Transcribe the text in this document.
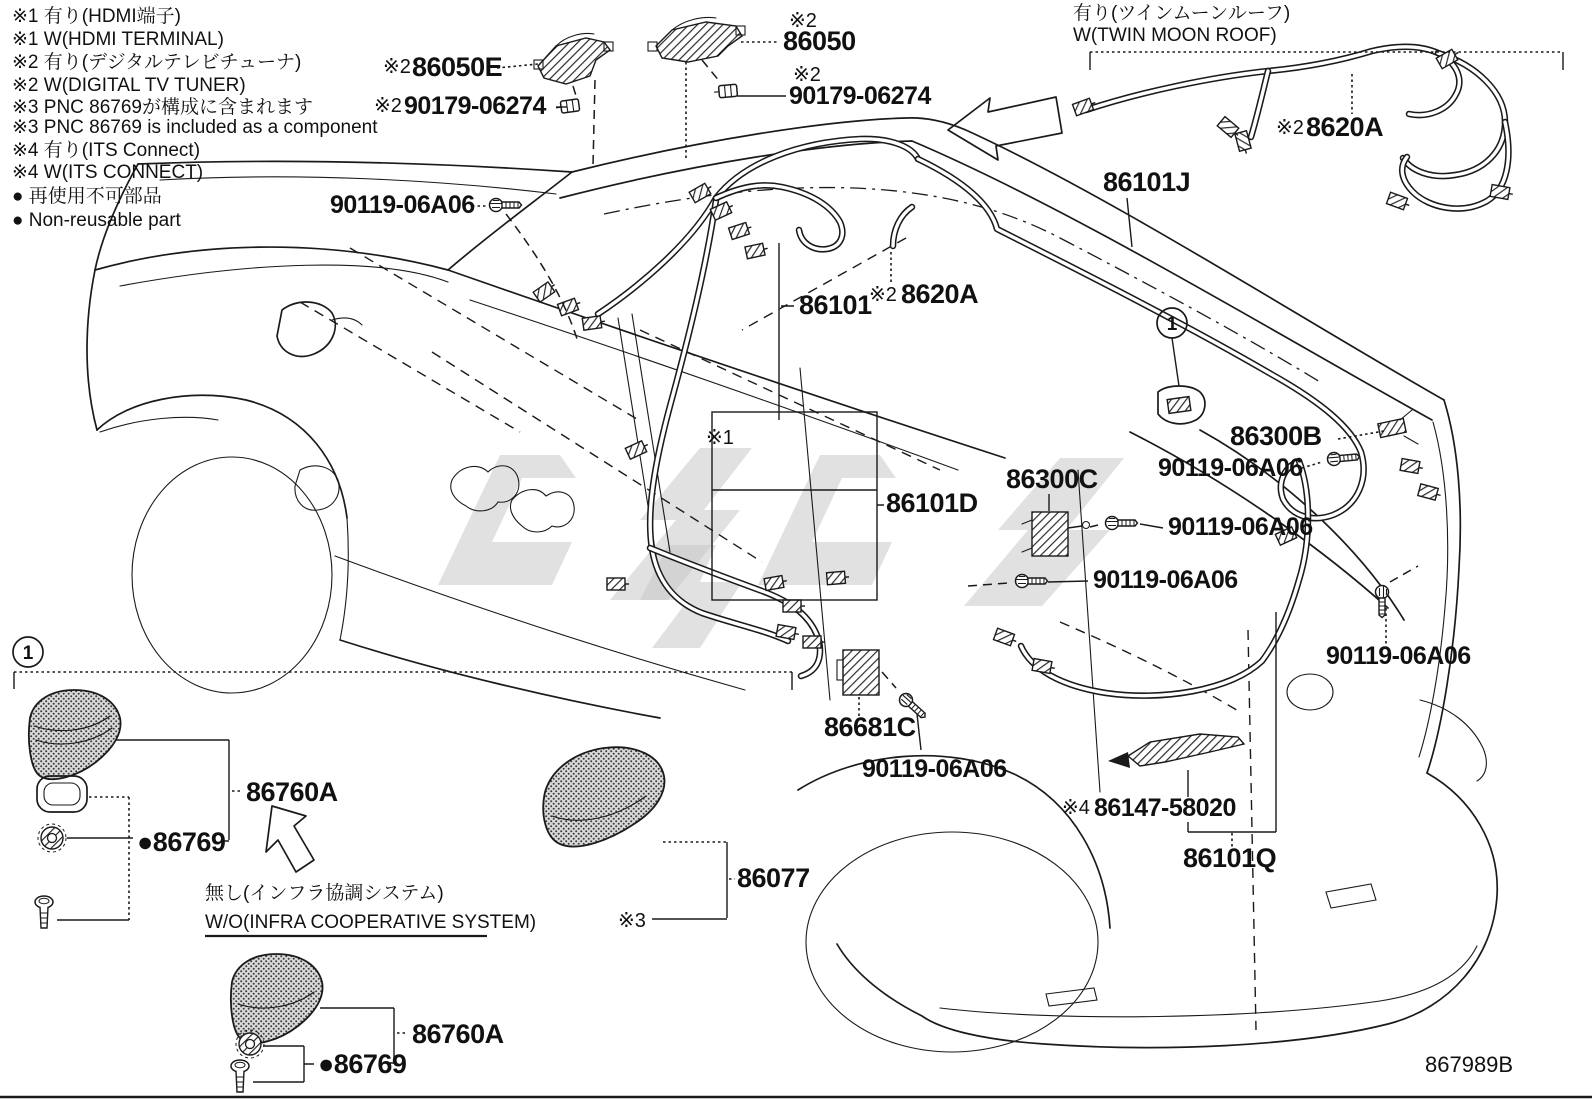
※1 有り(HDMI端子)
※1 W(HDMI TERMINAL)
※2 有り(デジタルテレビチューナ)
※2 W(DIGITAL TV TUNER)
※3 PNC 86769が構成に含まれます
※3 PNC 86769 is included as a component
※4 有り(ITS Connect)
※4 W(ITS CONNECT)
● 再使用不可部品
● Non-reusable part
有り(ツインムーンルーフ)
W(TWIN MOON ROOF)
無し(インフラ協調システム)
W/O(INFRA COOPERATIVE SYSTEM)
※2 86050E
※2
86050
※2 90179-06274
※2
90179-06274
90119-06A06
86101
※2 8620A
86101J
※2 8620A
86300B
90119-06A06
86300C
90119-06A06
90119-06A06
86101D
※1
86681C
90119-06A06
90119-06A06
※4 86147-58020
86101Q
86077
※3
86760A
●86769
86760A
●86769
1
1
867989B
